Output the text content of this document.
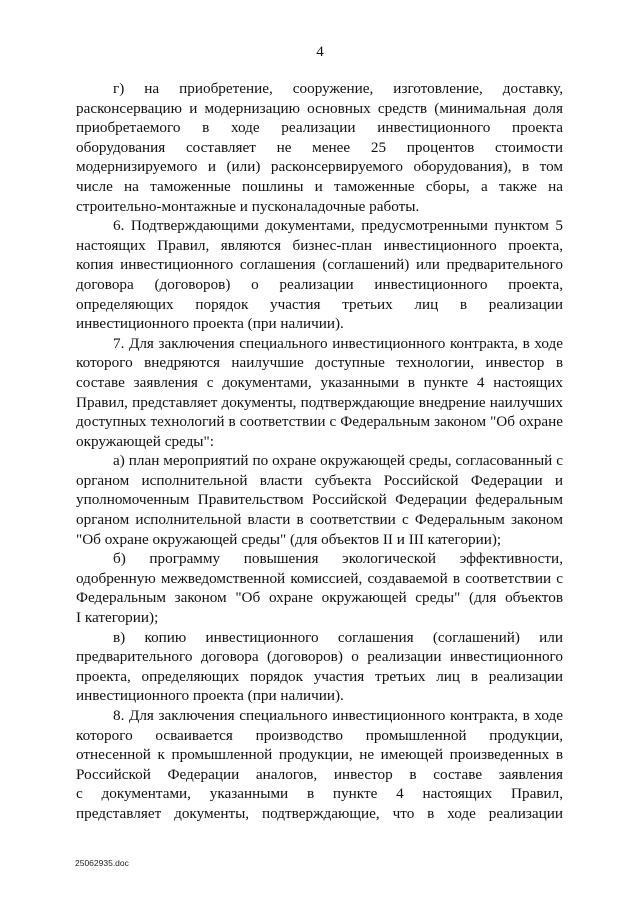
4
г) на приобретение, сооружение, изготовление, доставку,
расконсервацию и модернизацию основных средств (минимальная доля
приобретаемого в ходе реализации инвестиционного проекта
оборудования составляет не менее 25 процентов стоимости
модернизируемого и (или) расконсервируемого оборудования), в том
числе на таможенные пошлины и таможенные сборы, а также на
строительно-монтажные и пусконаладочные работы.
6. Подтверждающими документами, предусмотренными пунктом 5
настоящих Правил, являются бизнес-план инвестиционного проекта,
копия инвестиционного соглашения (соглашений) или предварительного
договора (договоров) о реализации инвестиционного проекта,
определяющих порядок участия третьих лиц в реализации
инвестиционного проекта (при наличии).
7. Для заключения специального инвестиционного контракта, в ходе
которого внедряются наилучшие доступные технологии, инвестор в
составе заявления с документами, указанными в пункте 4 настоящих
Правил, представляет документы, подтверждающие внедрение наилучших
доступных технологий в соответствии с Федеральным законом "Об охране
окружающей среды":
а) план мероприятий по охране окружающей среды, согласованный с
органом исполнительной власти субъекта Российской Федерации и
уполномоченным Правительством Российской Федерации федеральным
органом исполнительной власти в соответствии с Федеральным законом
"Об охране окружающей среды" (для объектов II и III категории);
б) программу повышения экологической эффективности,
одобренную межведомственной комиссией, создаваемой в соответствии с
Федеральным законом "Об охране окружающей среды" (для объектов
I категории);
в) копию инвестиционного соглашения (соглашений) или
предварительного договора (договоров) о реализации инвестиционного
проекта, определяющих порядок участия третьих лиц в реализации
инвестиционного проекта (при наличии).
8. Для заключения специального инвестиционного контракта, в ходе
которого осваивается производство промышленной продукции,
отнесенной к промышленной продукции, не имеющей произведенных в
Российской Федерации аналогов, инвестор в составе заявления
с документами, указанными в пункте 4 настоящих Правил,
представляет документы, подтверждающие, что в ходе реализации
25062935.doc
